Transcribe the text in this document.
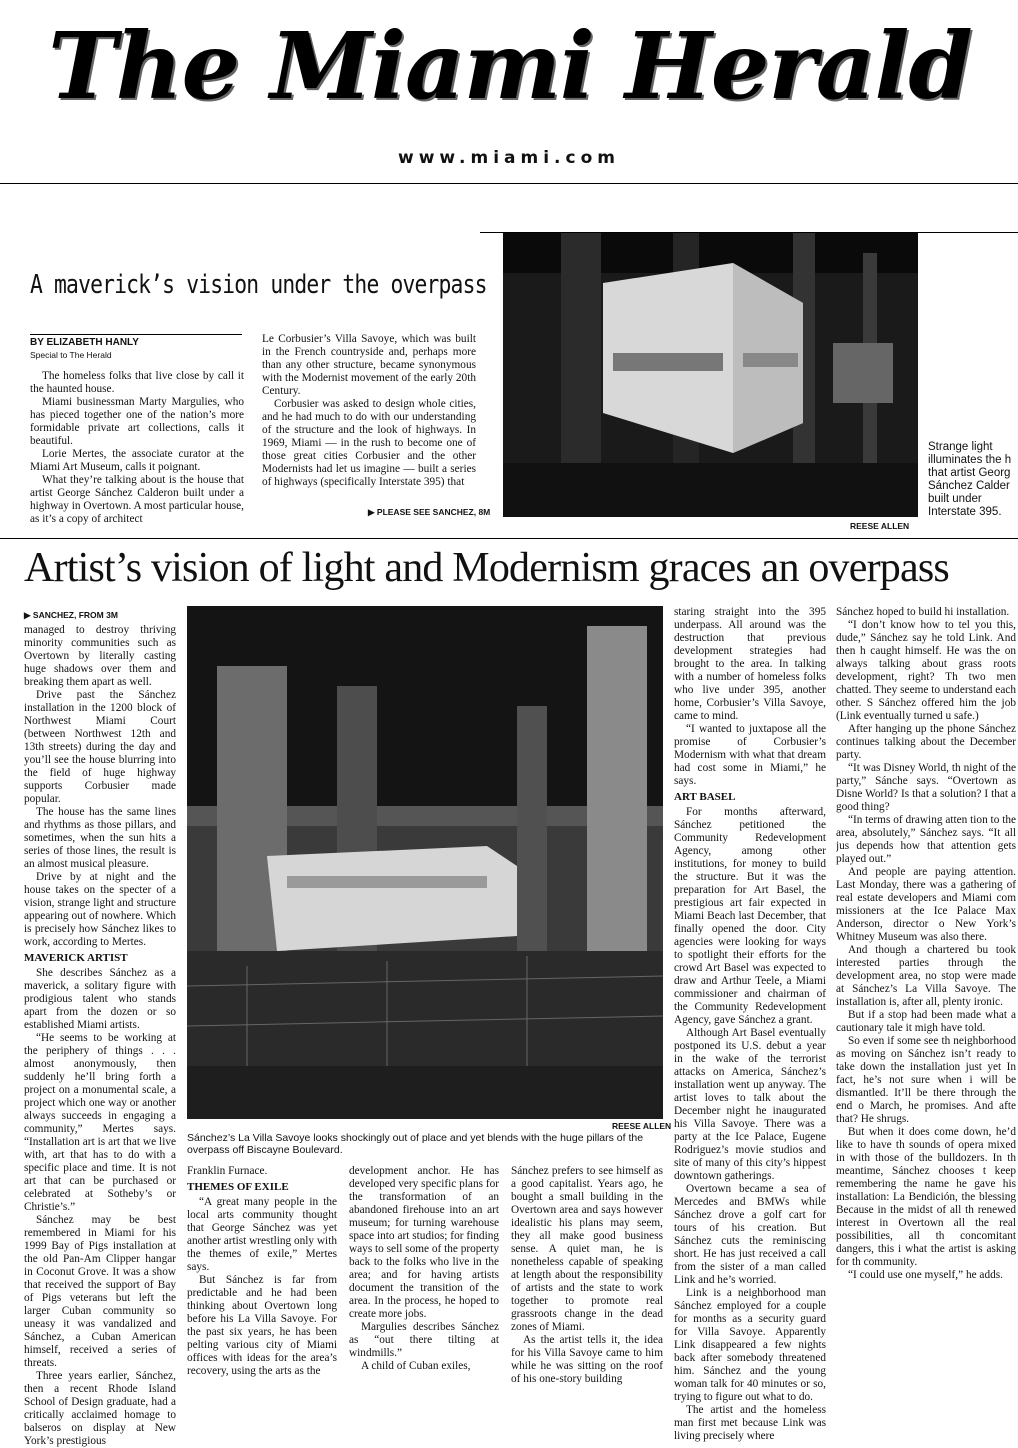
The Miami Herald
www.miami.com
A maverick’s vision under the overpass
BY ELIZABETH HANLY
Special to The Herald

The homeless folks that live close by call it the haunted house.

Miami businessman Marty Margulies, who has pieced together one of the nation’s more formidable private art collections, calls it beautiful.

Lorie Mertes, the associate curator at the Miami Art Museum, calls it poignant.

What they’re talking about is the house that artist George Sánchez Calderon built under a highway in Overtown. A most particular house, as it’s a copy of architect

Le Corbusier’s Villa Savoye, which was built in the French countryside and, perhaps more than any other structure, became synonymous with the Modernist movement of the early 20th Century.

Corbusier was asked to design whole cities, and he had much to do with our understanding of the structure and the look of highways. In 1969, Miami — in the rush to become one of those great cities Corbusier and the other Modernists had let us imagine — built a series of highways (specifically Interstate 395) that

▶ PLEASE SEE SANCHEZ, 8M
REESE ALLEN
Strange light illuminates the h that artist Georg Sánchez Calder built under Interstate 395.
Artist’s vision of light and Modernism graces an overpass
▶ SANCHEZ, FROM 3M

managed to destroy thriving minority communities such as Overtown by literally casting huge shadows over them and breaking them apart as well.

Drive past the Sánchez installation in the 1200 block of Northwest Miami Court (between Northwest 12th and 13th streets) during the day and you’ll see the house blurring into the field of huge highway supports Corbusier made popular.

The house has the same lines and rhythms as those pillars, and sometimes, when the sun hits a series of those lines, the result is an almost musical pleasure.

Drive by at night and the house takes on the specter of a vision, strange light and structure appearing out of nowhere. Which is precisely how Sánchez likes to work, according to Mertes.

MAVERICK ARTIST

She describes Sánchez as a maverick, a solitary figure with prodigious talent who stands apart from the dozen or so established Miami artists.

“He seems to be working at the periphery of things . . . almost anonymously, then suddenly he’ll bring forth a project on a monumental scale, a project which one way or another always succeeds in engaging a community,” Mertes says. “Installation art is art that we live with, art that has to do with a specific place and time. It is not art that can be purchased or celebrated at Sotheby’s or Christie’s.”

Sánchez may be best remembered in Miami for his 1999 Bay of Pigs installation at the old Pan-Am Clipper hangar in Coconut Grove. It was a show that received the support of Bay of Pigs veterans but left the larger Cuban community so uneasy it was vandalized and Sánchez, a Cuban American himself, received a series of threats.

Three years earlier, Sánchez, then a recent Rhode Island School of Design graduate, had a critically acclaimed homage to balseros on display at New York’s prestigious

REESE ALLEN
Sánchez’s La Villa Savoye looks shockingly out of place and yet blends with the huge pillars of the overpass off Biscayne Boulevard.

Franklin Furnace.

THEMES OF EXILE

“A great many people in the local arts community thought that George Sánchez was yet another artist wrestling only with the themes of exile,” Mertes says.

But Sánchez is far from predictable and he had been thinking about Overtown long before his La Villa Savoye. For the past six years, he has been pelting various city of Miami offices with ideas for the area’s recovery, using the arts as the

development anchor. He has developed very specific plans for the transformation of an abandoned firehouse into an art museum; for turning warehouse space into art studios; for finding ways to sell some of the property back to the folks who live in the area; and for having artists document the transition of the area. In the process, he hoped to create more jobs.

Margulies describes Sánchez as “out there tilting at windmills.”

A child of Cuban exiles,

Sánchez prefers to see himself as a good capitalist. Years ago, he bought a small building in the Overtown area and says however idealistic his plans may seem, they all make good business sense. A quiet man, he is nonetheless capable of speaking at length about the responsibility of artists and the state to work together to promote real grassroots change in the dead zones of Miami.

As the artist tells it, the idea for his Villa Savoye came to him while he was sitting on the roof of his one-story building

staring straight into the 395 underpass. All around was the destruction that previous development strategies had brought to the area. In talking with a number of homeless folks who live under 395, another home, Corbusier’s Villa Savoye, came to mind.

“I wanted to juxtapose all the promise of Corbusier’s Modernism with what that dream had cost some in Miami,” he says.

ART BASEL

For months afterward, Sánchez petitioned the Community Redevelopment Agency, among other institutions, for money to build the structure. But it was the preparation for Art Basel, the prestigious art fair expected in Miami Beach last December, that finally opened the door. City agencies were looking for ways to spotlight their efforts for the crowd Art Basel was expected to draw and Arthur Teele, a Miami commissioner and chairman of the Community Redevelopment Agency, gave Sánchez a grant.

Although Art Basel eventually postponed its U.S. debut a year in the wake of the terrorist attacks on America, Sánchez’s installation went up anyway. The artist loves to talk about the December night he inaugurated his Villa Savoye. There was a party at the Ice Palace, Eugene Rodriguez’s movie studios and site of many of this city’s hippest downtown gatherings.

Overtown became a sea of Mercedes and BMWs while Sánchez drove a golf cart for tours of his creation. But Sánchez cuts the reminiscing short. He has just received a call from the sister of a man called Link and he’s worried.

Link is a neighborhood man Sánchez employed for a couple for months as a security guard for Villa Savoye. Apparently Link disappeared a few nights back after somebody threatened him. Sánchez and the young woman talk for 40 minutes or so, trying to figure out what to do.

The artist and the homeless man first met because Link was living precisely where

Sánchez hoped to build hi installation.

“I don’t know how to tel you this, dude,” Sánchez say he told Link. And then h caught himself. He was the on always talking about grass roots development, right? Th two men chatted. They seeme to understand each other. S Sánchez offered him the job (Link eventually turned u safe.)

After hanging up the phone Sánchez continues talking about the December party.

“It was Disney World, th night of the party,” Sánche says. “Overtown as Disne World? Is that a solution? I that a good thing?

“In terms of drawing atten tion to the area, absolutely,” Sánchez says. “It all jus depends how that attention gets played out.”

And people are paying attention. Last Monday, there was a gathering of real estate developers and Miami com missioners at the Ice Palace Max Anderson, director o New York’s Whitney Museum was also there.

And though a chartered bu took interested parties through the development area, no stop were made at Sánchez’s La Villa Savoye. The installation is, after all, plenty ironic.

But if a stop had been made what a cautionary tale it migh have told.

So even if some see th neighborhood as moving on Sánchez isn’t ready to take down the installation just yet In fact, he’s not sure when i will be dismantled. It’ll be there through the end o March, he promises. And afte that? He shrugs.

But when it does come down, he’d like to have th sounds of opera mixed in with those of the bulldozers. In th meantime, Sánchez chooses t keep remembering the name he gave his installation: La Bendición, the blessing Because in the midst of all th renewed interest in Overtown all the real possibilities, all th concomitant dangers, this i what the artist is asking for th community.

“I could use one myself,” he adds.
